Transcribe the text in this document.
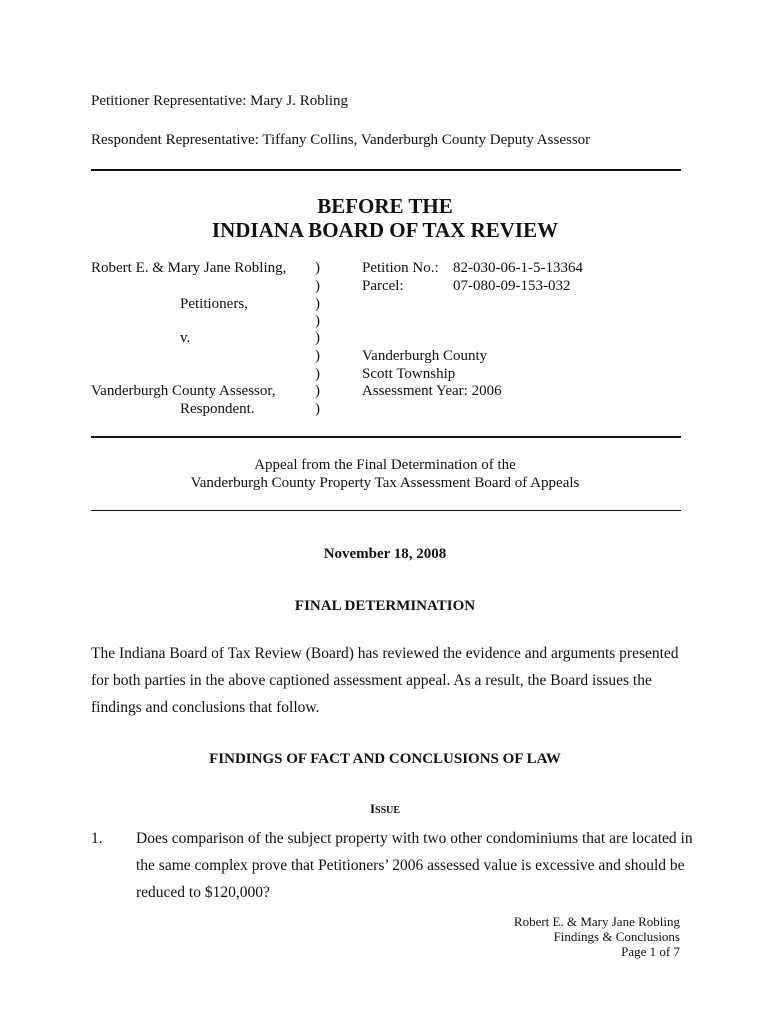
Petitioner Representative: Mary J. Robling
Respondent Representative: Tiffany Collins, Vanderburgh County Deputy Assessor
BEFORE THE
INDIANA BOARD OF TAX REVIEW
Robert E. & Mary Jane Robling,
Petitioners,
v.
Vanderburgh County Assessor,
Respondent.
)
)
)
)
)
)
)
)
)
Petition No.: 82-030-06-1-5-13364
Parcel:	07-080-09-153-032
Vanderburgh County
Scott Township
Assessment Year: 2006
Appeal from the Final Determination of the
Vanderburgh County Property Tax Assessment Board of Appeals
November 18, 2008
FINAL DETERMINATION
The Indiana Board of Tax Review (Board) has reviewed the evidence and arguments presented
for both parties in the above captioned assessment appeal. As a result, the Board issues the
findings and conclusions that follow.
FINDINGS OF FACT AND CONCLUSIONS OF LAW
ISSUE
1. Does comparison of the subject property with two other condominiums that are located in
the same complex prove that Petitioners’ 2006 assessed value is excessive and should be
reduced to $120,000?
Robert E. & Mary Jane Robling
Findings & Conclusions
Page 1 of 7
